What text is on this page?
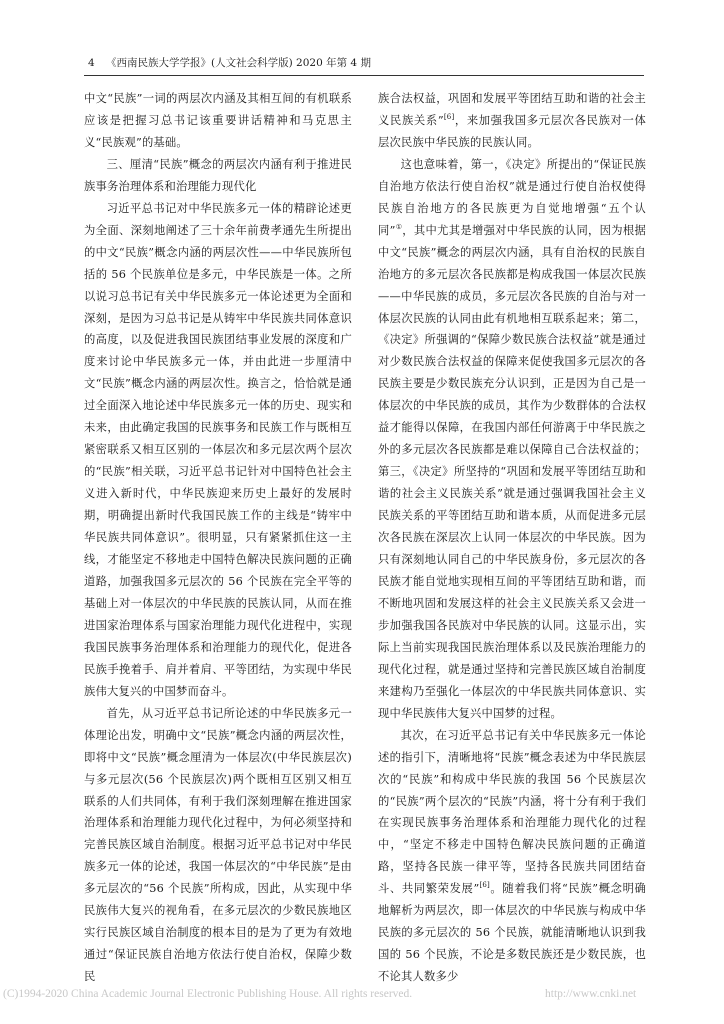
4 《西南民族大学学报》(人文社会科学版) 2020 年第 4 期

中文“民族”一词的两层次内涵及其相互间的有机联系应该是把握习总书记该重要讲话精神和马克思主义“民族观”的基础。

三、厘清“民族”概念的两层次内涵有利于推进民族事务治理体系和治理能力现代化

习近平总书记对中华民族多元一体的精辟论述更为全面、深刻地阐述了三十余年前费孝通先生所提出的中文“民族”概念内涵的两层次性——中华民族所包括的 56 个民族单位是多元，中华民族是一体。之所以说习总书记有关中华民族多元一体论述更为全面和深刻，是因为习总书记是从铸牢中华民族共同体意识的高度，以及促进我国民族团结事业发展的深度和广度来讨论中华民族多元一体，并由此进一步厘清中文“民族”概念内涵的两层次性。换言之，恰恰就是通过全面深入地论述中华民族多元一体的历史、现实和未来，由此确定我国的民族事务和民族工作与既相互紧密联系又相互区别的一体层次和多元层次两个层次的“民族”相关联，习近平总书记针对中国特色社会主义进入新时代，中华民族迎来历史上最好的发展时期，明确提出新时代我国民族工作的主线是“铸牢中华民族共同体意识”。很明显，只有紧紧抓住这一主线，才能坚定不移地走中国特色解决民族问题的正确道路，加强我国多元层次的 56 个民族在完全平等的基础上对一体层次的中华民族的民族认同，从而在推进国家治理体系与国家治理能力现代化进程中，实现我国民族事务治理体系和治理能力的现代化，促进各民族手挽着手、肩并着肩、平等团结，为实现中华民族伟大复兴的中国梦而奋斗。

首先，从习近平总书记所论述的中华民族多元一体理论出发，明确中文“民族”概念内涵的两层次性，即将中文“民族”概念厘清为一体层次(中华民族层次)与多元层次(56 个民族层次)两个既相互区别又相互联系的人们共同体，有利于我们深刻理解在推进国家治理体系和治理能力现代化过程中，为何必须坚持和完善民族区域自治制度。根据习近平总书记对中华民族多元一体的论述，我国一体层次的“中华民族”是由多元层次的“56 个民族”所构成，因此，从实现中华民族伟大复兴的视角看，在多元层次的少数民族地区实行民族区域自治制度的根本目的是为了更为有效地通过“保证民族自治地方依法行使自治权，保障少数民

族合法权益，巩固和发展平等团结互助和谐的社会主义民族关系”[6]，来加强我国多元层次各民族对一体层次民族中华民族的民族认同。

这也意味着，第一，《决定》所提出的“保证民族自治地方依法行使自治权”就是通过行使自治权使得民族自治地方的各民族更为自觉地增强“五个认同”①，其中尤其是增强对中华民族的认同，因为根据中文“民族”概念的两层次内涵，具有自治权的民族自治地方的多元层次各民族都是构成我国一体层次民族——中华民族的成员，多元层次各民族的自治与对一体层次民族的认同由此有机地相互联系起来；第二，《决定》所强调的“保障少数民族合法权益”就是通过对少数民族合法权益的保障来促使我国多元层次的各民族主要是少数民族充分认识到，正是因为自己是一体层次的中华民族的成员，其作为少数群体的合法权益才能得以保障，在我国内部任何游离于中华民族之外的多元层次各民族都是难以保障自己合法权益的；第三，《决定》所坚持的“巩固和发展平等团结互助和谐的社会主义民族关系”就是通过强调我国社会主义民族关系的平等团结互助和谐本质，从而促进多元层次各民族在深层次上认同一体层次的中华民族。因为只有深刻地认同自己的中华民族身份，多元层次的各民族才能自觉地实现相互间的平等团结互助和谐，而不断地巩固和发展这样的社会主义民族关系又会进一步加强我国各民族对中华民族的认同。这显示出，实际上当前实现我国民族治理体系以及民族治理能力的现代化过程，就是通过坚持和完善民族区域自治制度来建构乃至强化一体层次的中华民族共同体意识、实现中华民族伟大复兴中国梦的过程。

其次，在习近平总书记有关中华民族多元一体论述的指引下，清晰地将“民族”概念表述为中华民族层次的“民族”和构成中华民族的我国 56 个民族层次的“民族”两个层次的“民族”内涵，将十分有利于我们在实现民族事务治理体系和治理能力现代化的过程中，“坚定不移走中国特色解决民族问题的正确道路，坚持各民族一律平等，坚持各民族共同团结奋斗、共同繁荣发展”[6]。随着我们将“民族”概念明确地解析为两层次，即一体层次的中华民族与构成中华民族的多元层次的 56 个民族，就能清晰地认识到我国的 56 个民族，不论是多数民族还是少数民族，也不论其人数多少

(C)1994-2020 China Academic Journal Electronic Publishing House. All rights reserved.	http://www.cnki.net
